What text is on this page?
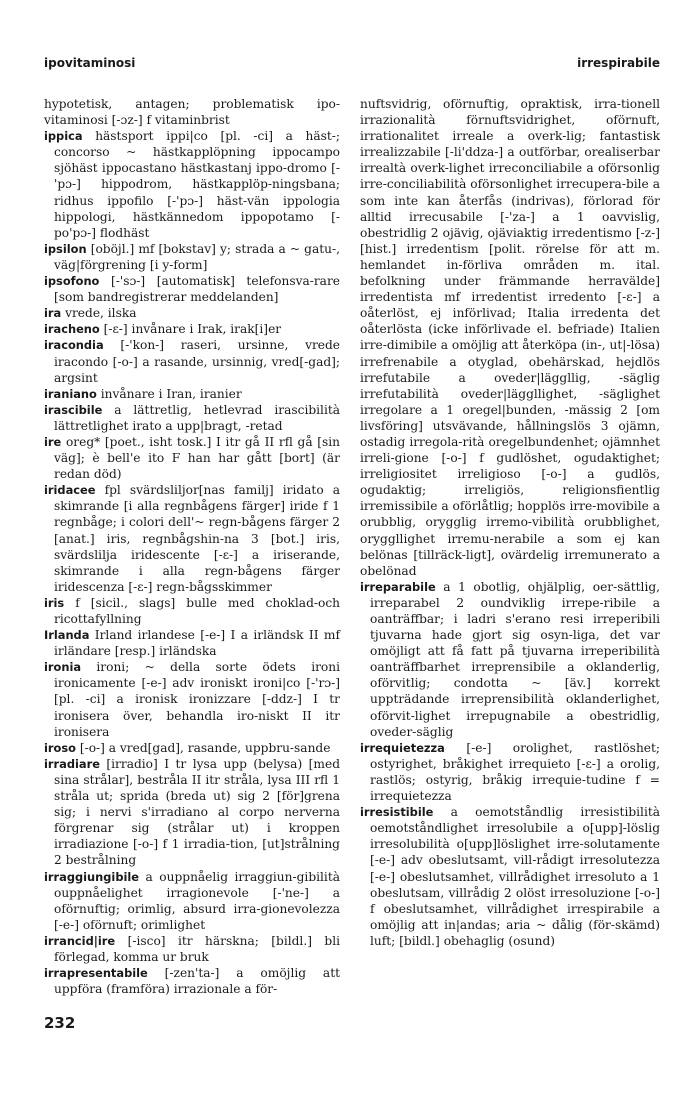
ipovitaminosi	irrespirabile

hypotetisk, antagen; problematisk ipo-vitaminosi [-ɔz-] f vitaminbrist

ippica hästsport ippi|co [pl. -ci] a häst-; concorso ~ hästkapplöpning ippocampo sjöhäst ippocastano hästkastanj ippo-dromo [-'pɔ-] hippodrom, hästkapplöp-ningsbana; ridhus ippofilo [-'pɔ-] häst-vän ippologia hippologi, hästkännedom ippopotamo [-po'pɔ-] flodhäst

ipsilon [oböjl.] mf [bokstav] y; strada a ~ gatu-, väg|förgrening [i y-form]

ipsofono [-'sɔ-] [automatisk] telefonsva-rare [som bandregistrerar meddelanden]

ira vrede, ilska

iracheno [-ɛ-] invånare i Irak, irak[i]er

iracondia [-'kon-] raseri, ursinne, vrede iracondo [-o-] a rasande, ursinnig, vred[-gad]; argsint

iraniano invånare i Iran, iranier

irascibile a lättretlig, hetlevrad irascibilità lättretlighet irato a upp|bragt, -retad

ire oreg* [poet., isht tosk.] I itr gå II rfl gå [sin väg]; è bell'e ito F han har gått [bort] (är redan död)

iridacee fpl svärdsliljor[nas familj] iridato a skimrande [i alla regnbågens färger] iride f 1 regnbåge; i colori dell'~ regn-bågens färger 2 [anat.] iris, regnbågshin-na 3 [bot.] iris, svärdslilja iridescente [-ɛ-] a iriserande, skimrande i alla regn-bågens färger iridescenza [-ɛ-] regn-bågsskimmer

iris f [sicil., slags] bulle med choklad-och ricottafyllning

Irlanda Irland irlandese [-e-] I a irländsk II mf irländare [resp.] irländska

ironia ironi; ~ della sorte ödets ironi ironicamente [-e-] adv ironiskt ironi|co [-'rɔ-] [pl. -ci] a ironisk ironizzare [-ddz-] I tr ironisera över, behandla iro-niskt II itr ironisera

iroso [-o-] a vred[gad], rasande, uppbru-sande

irradiare [irradio] I tr lysa upp (belysa) [med sina strålar], bestråla II itr stråla, lysa III rfl 1 stråla ut; sprida (breda ut) sig 2 [för]grena sig; i nervi s'irradiano al corpo nerverna förgrenar sig (strålar ut) i kroppen irradiazione [-o-] f 1 irradia-tion, [ut]strålning 2 bestrålning

irraggiungibile a ouppnåelig irraggiun-gibilità ouppnåelighet irragionevole [-'ne-] a oförnuftig; orimlig, absurd irra-gionevolezza [-e-] oförnuft; orimlighet

irrancid|ire [-isco] itr härskna; [bildl.] bli förlegad, komma ur bruk

irrapresentabile [-zen'ta-] a omöjlig att uppföra (framföra) irrazionale a för-

nuftsvidrig, oförnuftig, opraktisk, irra-tionell irrazionalità förnuftsvidrighet, oförnuft, irrationalitet irreale a overk-lig; fantastisk irrealizzabile [-li'ddza-] a outförbar, orealiserbar irrealtà overk-lighet irreconciliabile a oförsonlig irre-conciliabilità oförsonlighet irrecupera-bile a som inte kan återfås (indrivas), förlorad för alltid irrecusabile [-'za-] a 1 oavvislig, obestridlig 2 ojävig, ojäviaktig irredentismo [-z-] [hist.] irredentism [polit. rörelse för att m. hemlandet in-förliva områden m. ital. befolkning under främmande herravälde] irredentista mf irredentist irredento [-ɛ-] a oåterlöst, ej införlivad; Italia irredenta det oåterlösta (icke införlivade el. befriade) Italien irre-dimibile a omöjlig att återköpa (in-, ut|-lösa) irrefrenabile a otyglad, obehärskad, hejdlös irrefutabile a oveder|läggllig, -säglig irrefutabilità oveder|läggllighet, -säglighet irregolare a 1 oregel|bunden, -mässig 2 [om livsföring] utsvävande, hållningslös 3 ojämn, ostadig irregola-rità oregelbundenhet; ojämnhet irreli-gione [-o-] f gudlöshet, ogudaktighet; irreligiositet irreligioso [-o-] a gudlös, ogudaktig; irreligiös, religionsfientlig irremissibile a oförlåtlig; hopplös irre-movibile a orubblig, orygglig irremo-vibilità orubblighet, oryggllighet irremu-nerabile a som ej kan belönas [tillräck-ligt], ovärdelig irremunerato a obelönad

irreparabile a 1 obotlig, ohjälplig, oer-sättlig, irreparabel 2 oundviklig irrepe-ribile a oanträffbar; i ladri s'erano resi irreperibili tjuvarna hade gjort sig osyn-liga, det var omöjligt att få fatt på tjuvarna irreperibilità oanträffbarhet irreprensibile a oklanderlig, oförvitlig; condotta ~ [äv.] korrekt uppträdande irreprensibilità oklanderlighet, oförvit-lighet irrepugnabile a obestridlig, oveder-säglig

irrequietezza [-e-] orolighet, rastlöshet; ostyrighet, bråkighet irrequieto [-ɛ-] a orolig, rastlös; ostyrig, bråkig irrequie-tudine f = irrequietezza

irresistibile a oemotståndlig irresistibilità oemotståndlighet irresolubile a o[upp]-löslig irresolubilità o[upp]löslighet irre-solutamente [-e-] adv obeslutsamt, vill-rådigt irresolutezza [-e-] obeslutsamhet, villrådighet irresoluto a 1 obeslutsam, villrådig 2 olöst irresoluzione [-o-] f obeslutsamhet, villrådighet irrespirabile a omöjlig att in|andas; aria ~ dålig (för-skämd) luft; [bildl.] obehaglig (osund)

232
